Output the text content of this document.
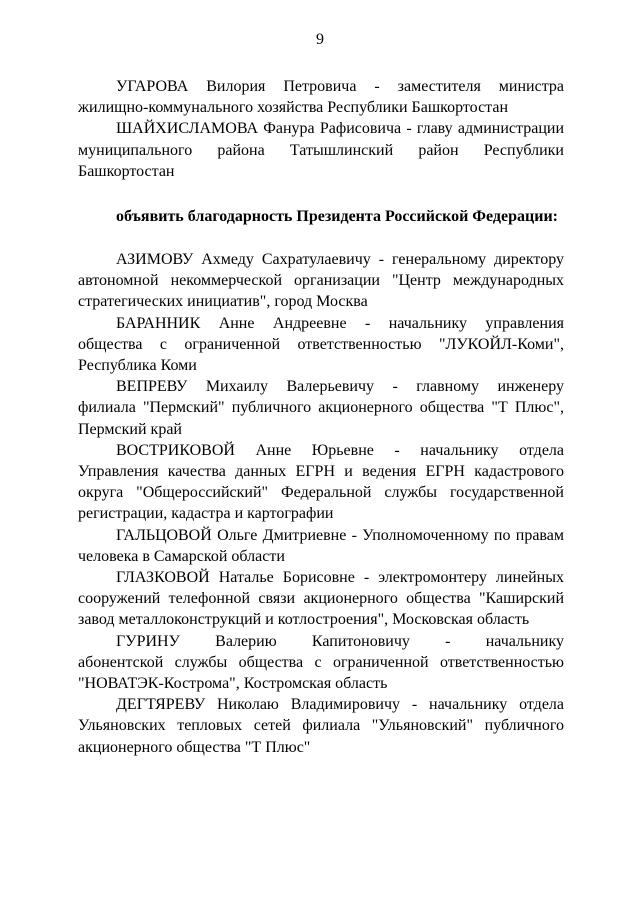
9
УГАРОВА Вилория Петровича - заместителя министра
жилищно-коммунального хозяйства Республики Башкортостан
ШАЙХИСЛАМОВА Фанура Рафисовича - главу администрации
муниципального района Татышлинский район Республики
Башкортостан
объявить благодарность Президента Российской Федерации:
АЗИМОВУ Ахмеду Сахратулаевичу - генеральному директору
автономной некоммерческой организации "Центр международных
стратегических инициатив", город Москва
БАРАННИК Анне Андреевне - начальнику управления
общества с ограниченной ответственностью "ЛУКОЙЛ-Коми",
Республика Коми
ВЕПРЕВУ Михаилу Валерьевичу - главному инженеру
филиала "Пермский" публичного акционерного общества "Т Плюс",
Пермский край
ВОСТРИКОВОЙ Анне Юрьевне - начальнику отдела
Управления качества данных ЕГРН и ведения ЕГРН кадастрового
округа "Общероссийский" Федеральной службы государственной
регистрации, кадастра и картографии
ГАЛЬЦОВОЙ Ольге Дмитриевне - Уполномоченному по правам
человека в Самарской области
ГЛАЗКОВОЙ Наталье Борисовне - электромонтеру линейных
сооружений телефонной связи акционерного общества "Каширский
завод металлоконструкций и котлостроения", Московская область
ГУРИНУ Валерию Капитоновичу - начальнику
абонентской службы общества с ограниченной ответственностью
"НОВАТЭК-Кострома", Костромская область
ДЕГТЯРЕВУ Николаю Владимировичу - начальнику отдела
Ульяновских тепловых сетей филиала "Ульяновский" публичного
акционерного общества "Т Плюс"
